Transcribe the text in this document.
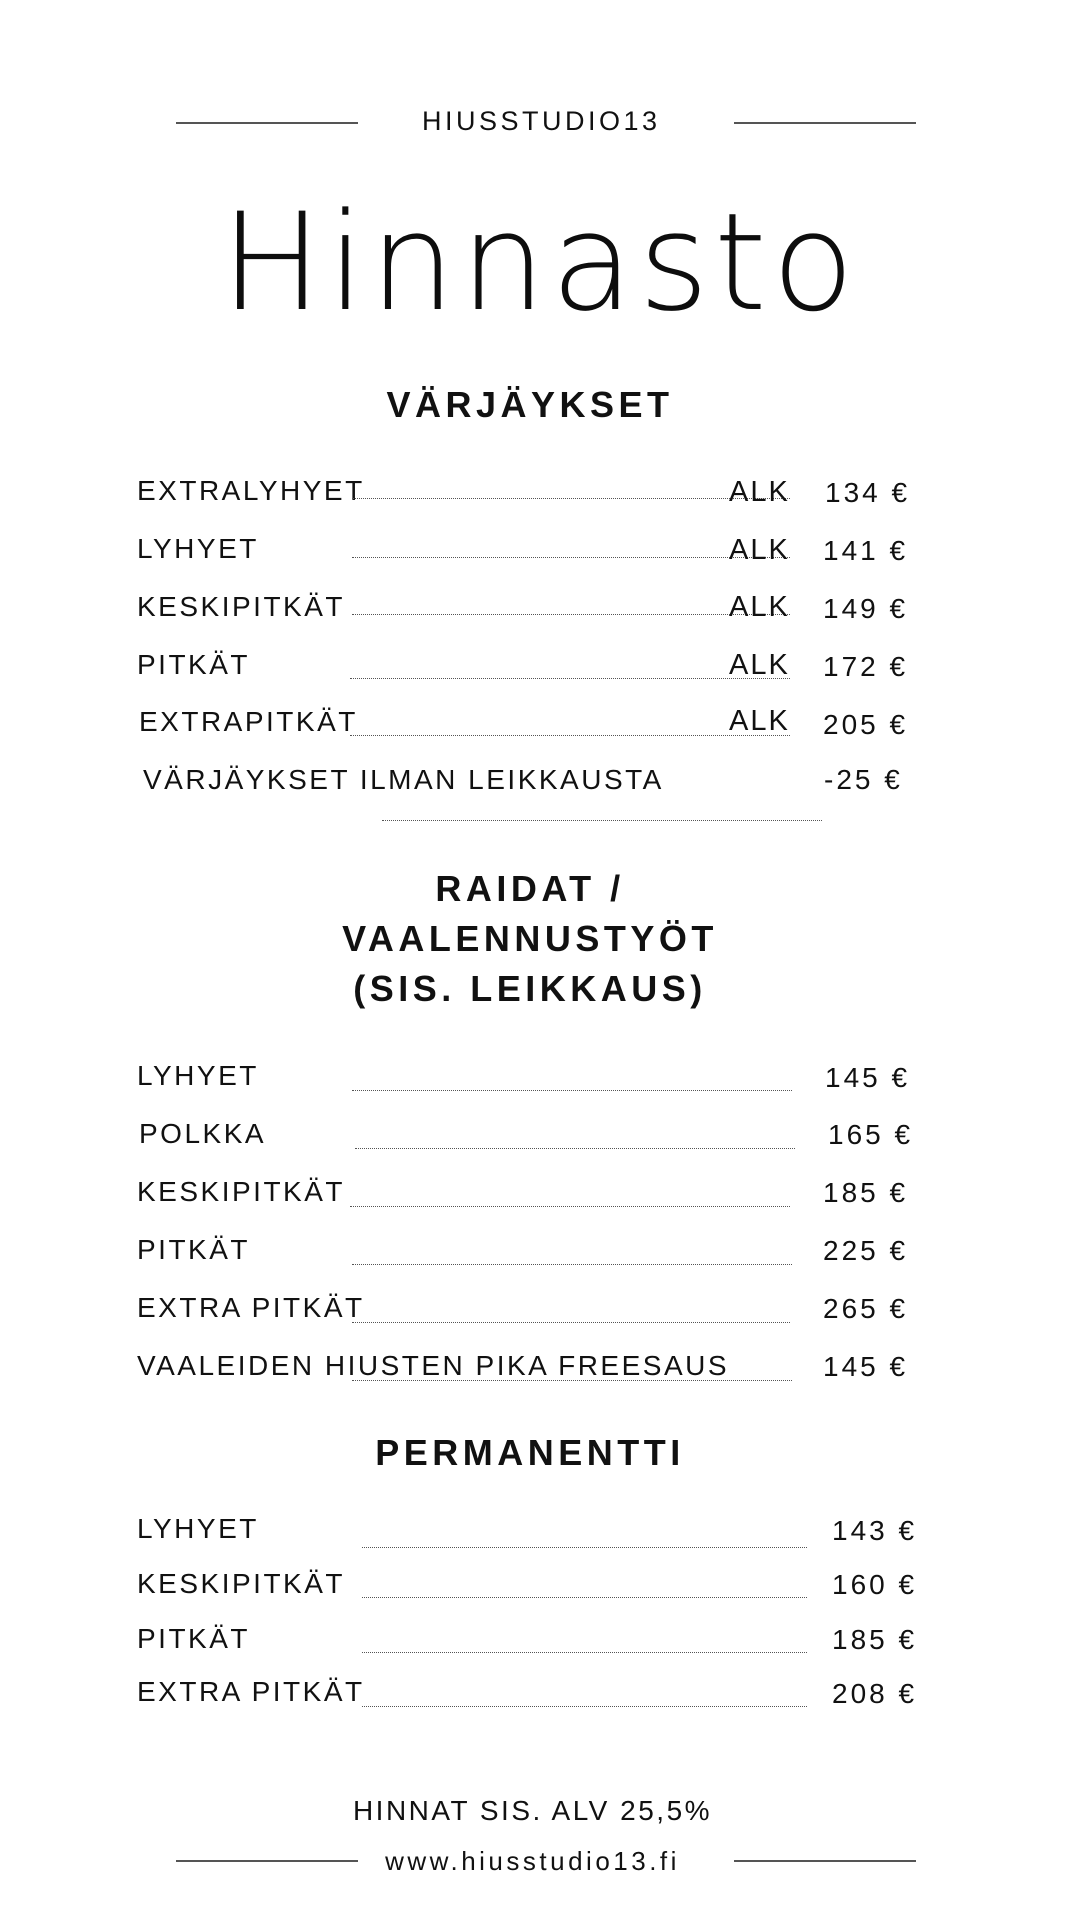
HIUSSTUDIO13
Hinnasto
VÄRJÄYKSET
EXTRALYHYET	ALK 134 €
LYHYET	ALK 141 €
KESKIPITKÄT	ALK 149 €
PITKÄT	ALK 172 €
EXTRAPITKÄT	ALK 205 €
VÄRJÄYKSET ILMAN LEIKKAUSTA	-25 €
RAIDAT /
VAALENNUSTYÖT
(SIS. LEIKKAUS)
LYHYET	145 €
POLKKA	165 €
KESKIPITKÄT	185 €
PITKÄT	225 €
EXTRA PITKÄT	265 €
VAALEIDEN HIUSTEN PIKA FREESAUS	145 €
PERMANENTTI
LYHYET	143 €
KESKIPITKÄT	160 €
PITKÄT	185 €
EXTRA PITKÄT	208 €
HINNAT SIS. ALV 25,5%
www.hiusstudio13.fi
